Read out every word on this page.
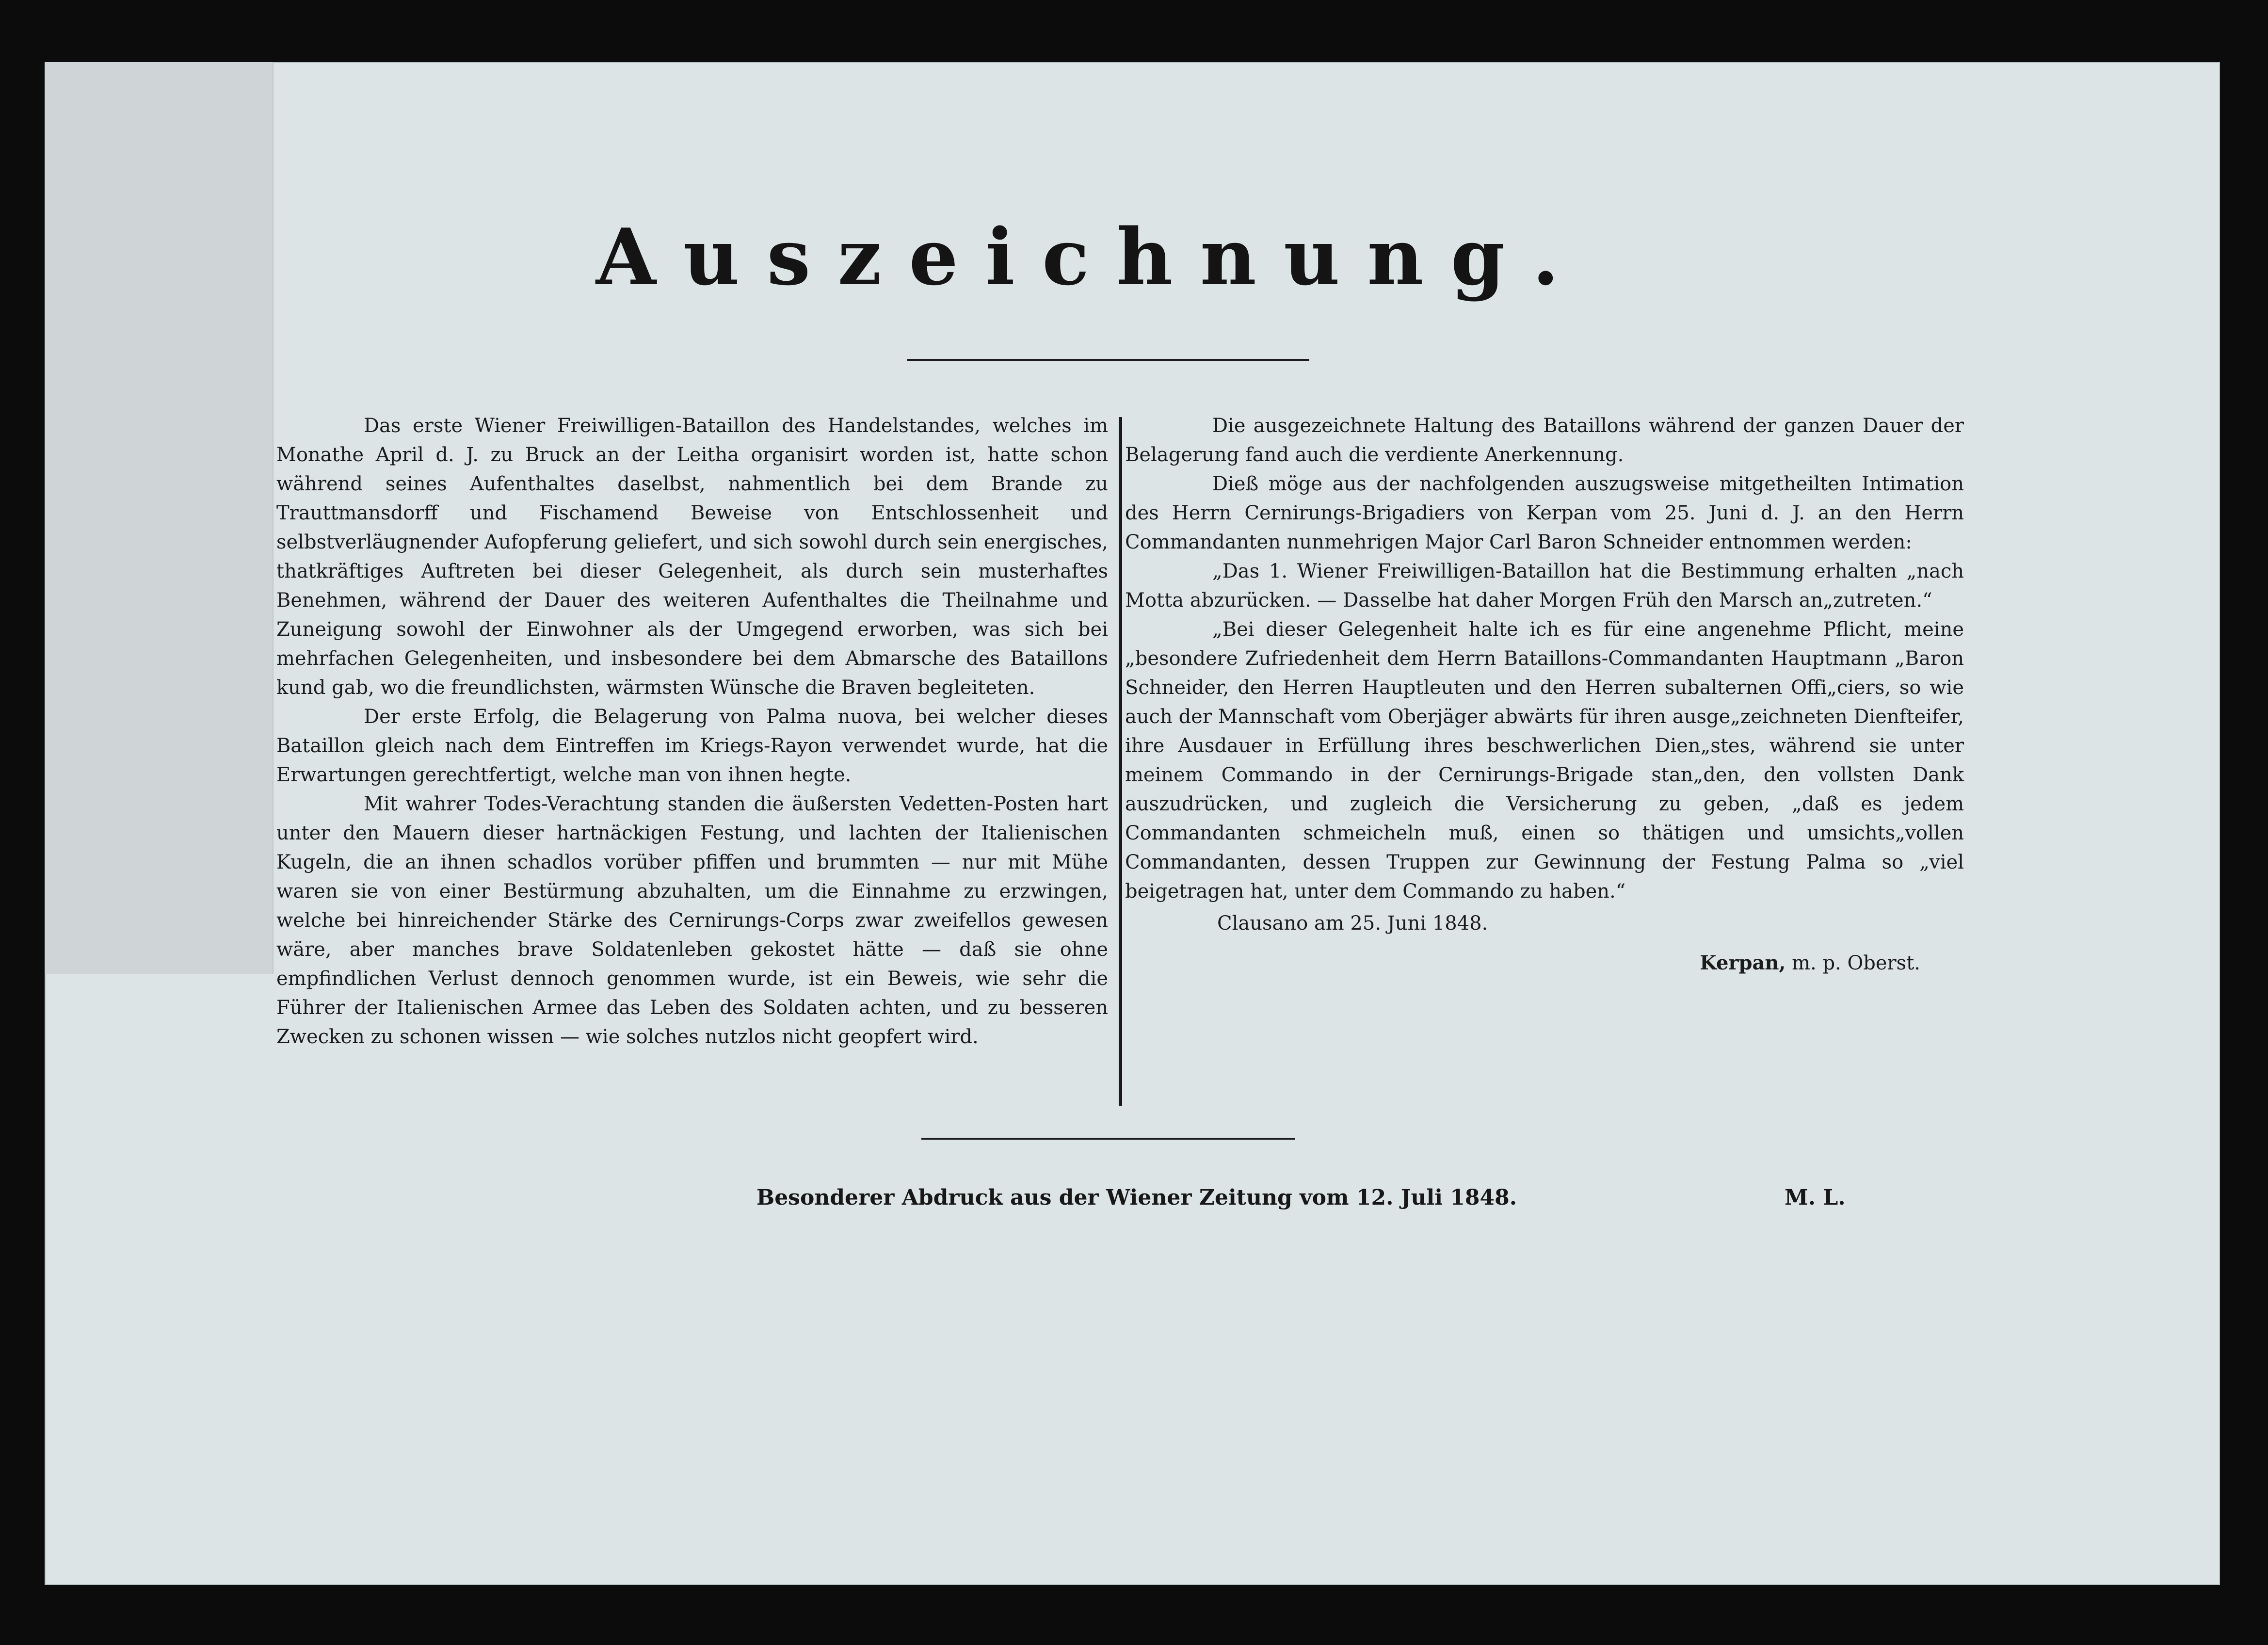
Auszeichnung.

Das erste Wiener Freiwilligen-Bataillon des Handelstandes, welches im Monathe April d. J. zu Bruck an der Leitha organisirt worden ist, hatte schon während seines Aufenthaltes daselbst, nahmentlich bei dem Brande zu Trauttmansdorff und Fischamend Beweise von Entschlossenheit und selbstverläugnender Aufopferung geliefert, und sich sowohl durch sein energisches, thatkräftiges Auftreten bei dieser Gelegenheit, als durch sein musterhaftes Benehmen, während der Dauer des weiteren Aufenthaltes die Theilnahme und Zuneigung sowohl der Einwohner als der Umgegend erworben, was sich bei mehrfachen Gelegenheiten, und insbesondere bei dem Abmarsche des Bataillons kund gab, wo die freundlichsten, wärmsten Wünsche die Braven begleiteten.

Der erste Erfolg, die Belagerung von Palma nuova, bei welcher dieses Bataillon gleich nach dem Eintreffen im Kriegs-Rayon verwendet wurde, hat die Erwartungen gerechtfertigt, welche man von ihnen hegte.

Mit wahrer Todes-Verachtung standen die äußersten Vedetten-Posten hart unter den Mauern dieser hartnäckigen Festung, und lachten der Italienischen Kugeln, die an ihnen schadlos vorüber pfiffen und brummten — nur mit Mühe waren sie von einer Bestürmung abzuhalten, um die Einnahme zu erzwingen, welche bei hinreichender Stärke des Cernirungs-Corps zwar zweifellos gewesen wäre, aber manches brave Soldatenleben gekostet hätte — daß sie ohne empfindlichen Verlust dennoch genommen wurde, ist ein Beweis, wie sehr die Führer der Italienischen Armee das Leben des Soldaten achten, und zu besseren Zwecken zu schonen wissen — wie solches nutzlos nicht geopfert wird.

Die ausgezeichnete Haltung des Bataillons während der ganzen Dauer der Belagerung fand auch die verdiente Anerkennung.

Dieß möge aus der nachfolgenden auszugsweise mitgetheilten Intimation des Herrn Cernirungs-Brigadiers von Kerpan vom 25. Juni d. J. an den Herrn Commandanten nunmehrigen Major Carl Baron Schneider entnommen werden:

„Das 1. Wiener Freiwilligen-Bataillon hat die Bestimmung erhalten „nach Motta abzurücken. — Dasselbe hat daher Morgen Früh den Marsch an„zutreten.“

„Bei dieser Gelegenheit halte ich es für eine angenehme Pflicht, meine „besondere Zufriedenheit dem Herrn Bataillons-Commandanten Hauptmann „Baron Schneider, den Herren Hauptleuten und den Herren subalternen Offi„ciers, so wie auch der Mannschaft vom Oberjäger abwärts für ihren ausge„zeichneten Dienfteifer, ihre Ausdauer in Erfüllung ihres beschwerlichen Dien„stes, während sie unter meinem Commando in der Cernirungs-Brigade stan„den, den vollsten Dank auszudrücken, und zugleich die Versicherung zu geben, „daß es jedem Commandanten schmeicheln muß, einen so thätigen und umsichts„vollen Commandanten, dessen Truppen zur Gewinnung der Festung Palma so „viel beigetragen hat, unter dem Commando zu haben.“

Clausano am 25. Juni 1848.

Kerpan, m. p. Oberst.

Besonderer Abdruck aus der Wiener Zeitung vom 12. Juli 1848.	M. L.
